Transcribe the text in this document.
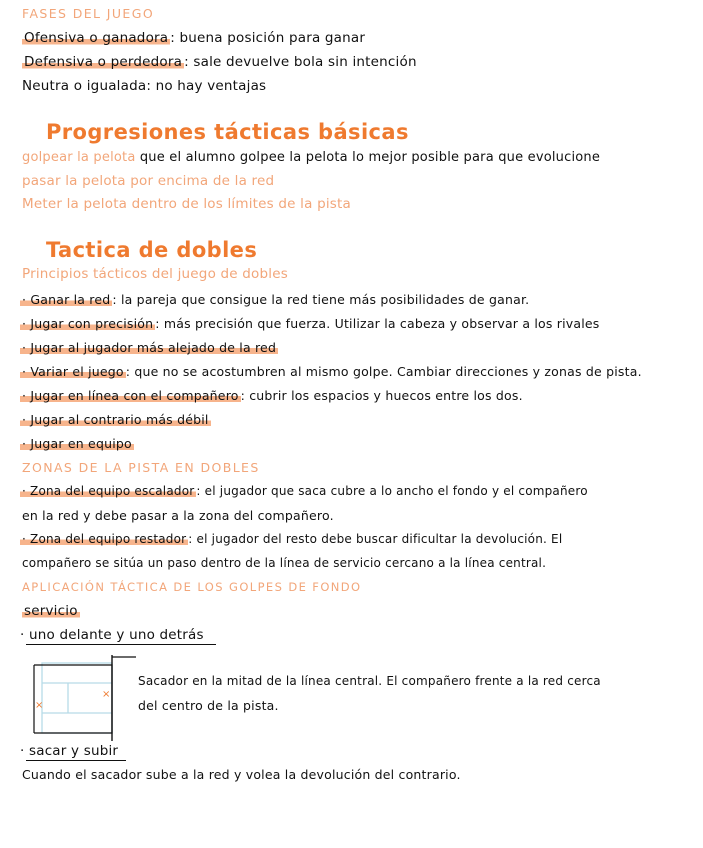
FASES DEL JUEGO
Ofensiva o ganadora : buena posición para ganar
Defensiva o perdedora : sale devuelve bola sin intención
Neutra o igualada: no hay ventajas
Progresiones tácticas básicas
golpear la pelota que el alumno golpee la pelota lo mejor posible para que evolucione
pasar la pelota por encima de la red
Meter la pelota dentro de los límites de la pista
Tactica de dobles
Principios tácticos del juego de dobles
· Ganar la red : la pareja que consigue la red tiene más posibilidades de ganar.
· Jugar con precisión : más precisión que fuerza. Utilizar la cabeza y observar a los rivales
· Jugar al jugador más alejado de la red
· Variar el juego : que no se acostumbren al mismo golpe. Cambiar direcciones y zonas de pista.
· Jugar en línea con el compañero : cubrir los espacios y huecos entre los dos.
· Jugar al contrario más débil
· Jugar en equipo
ZONAS DE LA PISTA EN DOBLES
· Zona del equipo escalador : el jugador que saca cubre a lo ancho el fondo y el compañero
en la red y debe pasar a la zona del compañero.
· Zona del equipo restador : el jugador del resto debe buscar dificultar la devolución. El
compañero se sitúa un paso dentro de la línea de servicio cercano a la línea central.
APLICACIÓN TÁCTICA DE LOS GOLPES DE FONDO
servicio
· uno delante y uno detrás
×
×
Sacador en la mitad de la línea central. El compañero frente a la red cerca
del centro de la pista.
· sacar y subir
Cuando el sacador sube a la red y volea la devolución del contrario.
